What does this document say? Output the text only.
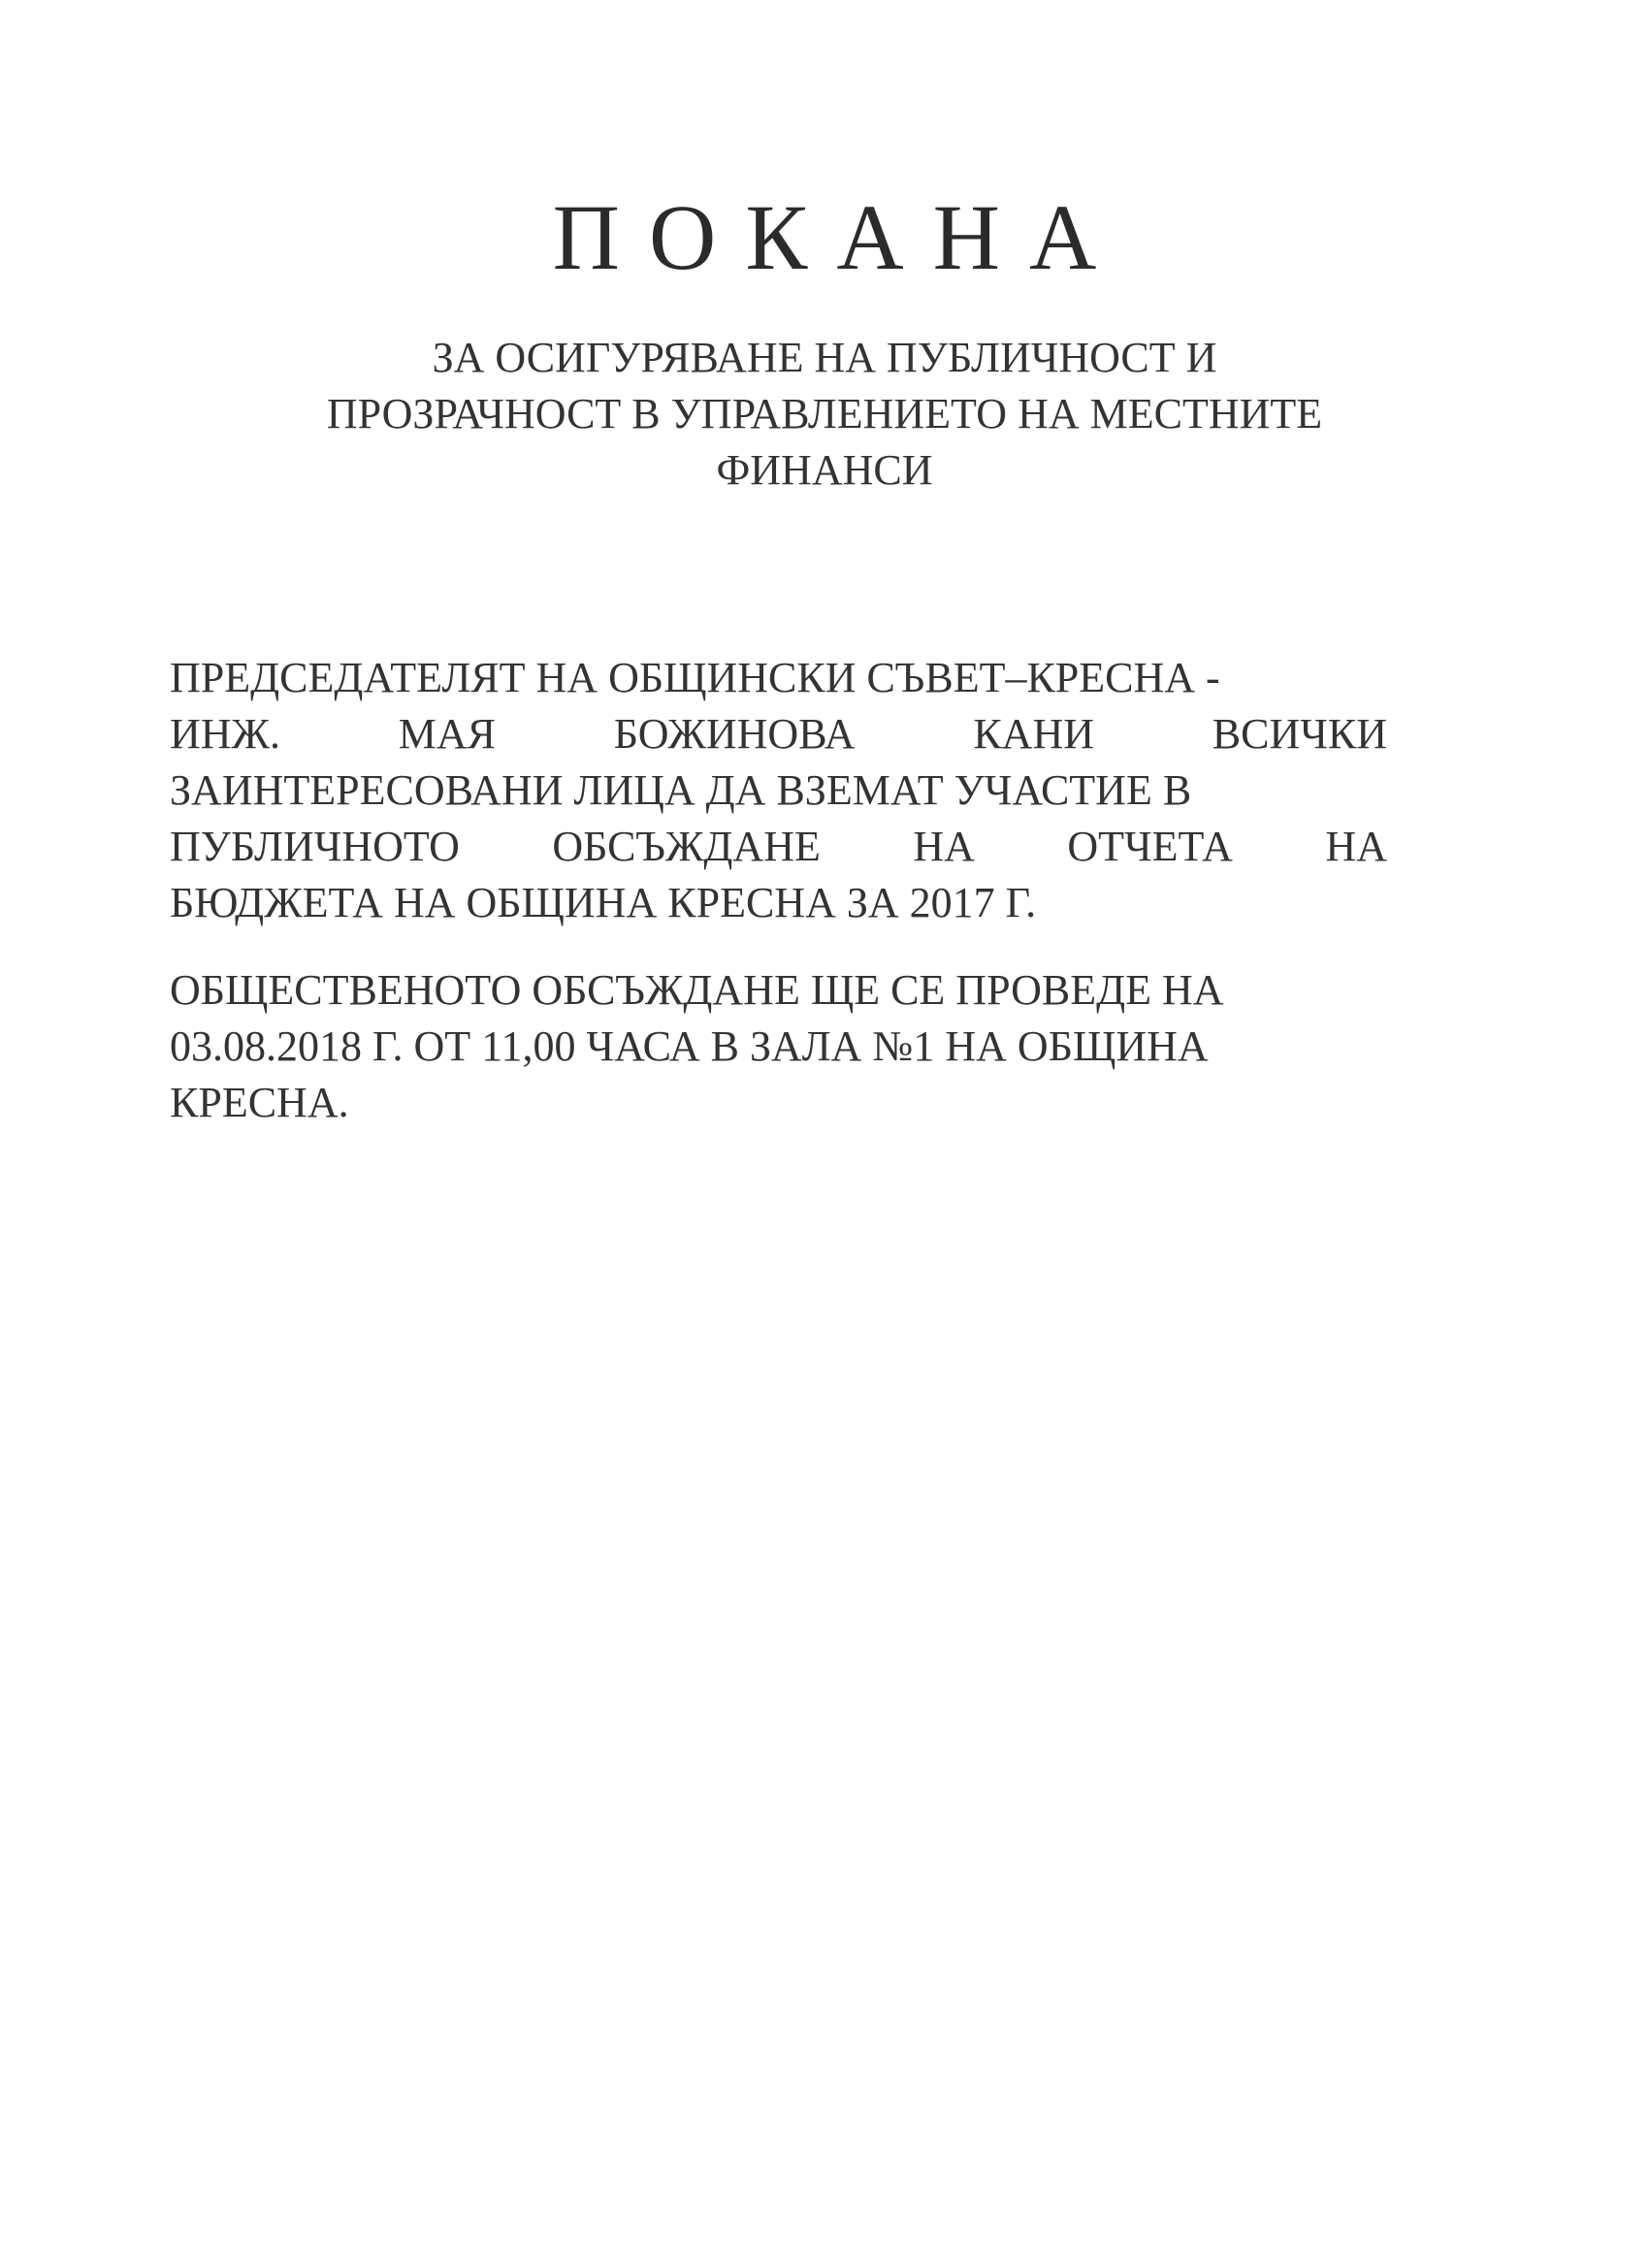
ПОКАНА
ЗА ОСИГУРЯВАНЕ НА ПУБЛИЧНОСТ И
ПРОЗРАЧНОСТ В УПРАВЛЕНИЕТО НА МЕСТНИТЕ
ФИНАНСИ
ПРЕДСЕДАТЕЛЯТ НА ОБЩИНСКИ СЪВЕТ–КРЕСНА -
ИНЖ.	МАЯ	БОЖИНОВА	КАНИ	ВСИЧКИ
ЗАИНТЕРЕСОВАНИ ЛИЦА ДА ВЗЕМАТ УЧАСТИЕ В
ПУБЛИЧНОТО ОБСЪЖДАНЕ НА ОТЧЕТА НА
БЮДЖЕТА НА ОБЩИНА КРЕСНА ЗА 2017 Г.
ОБЩЕСТВЕНОТО ОБСЪЖДАНЕ ЩЕ СЕ ПРОВЕДЕ НА
03.08.2018 Г. ОТ 11,00 ЧАСА В ЗАЛА №1 НА ОБЩИНА
КРЕСНА.
